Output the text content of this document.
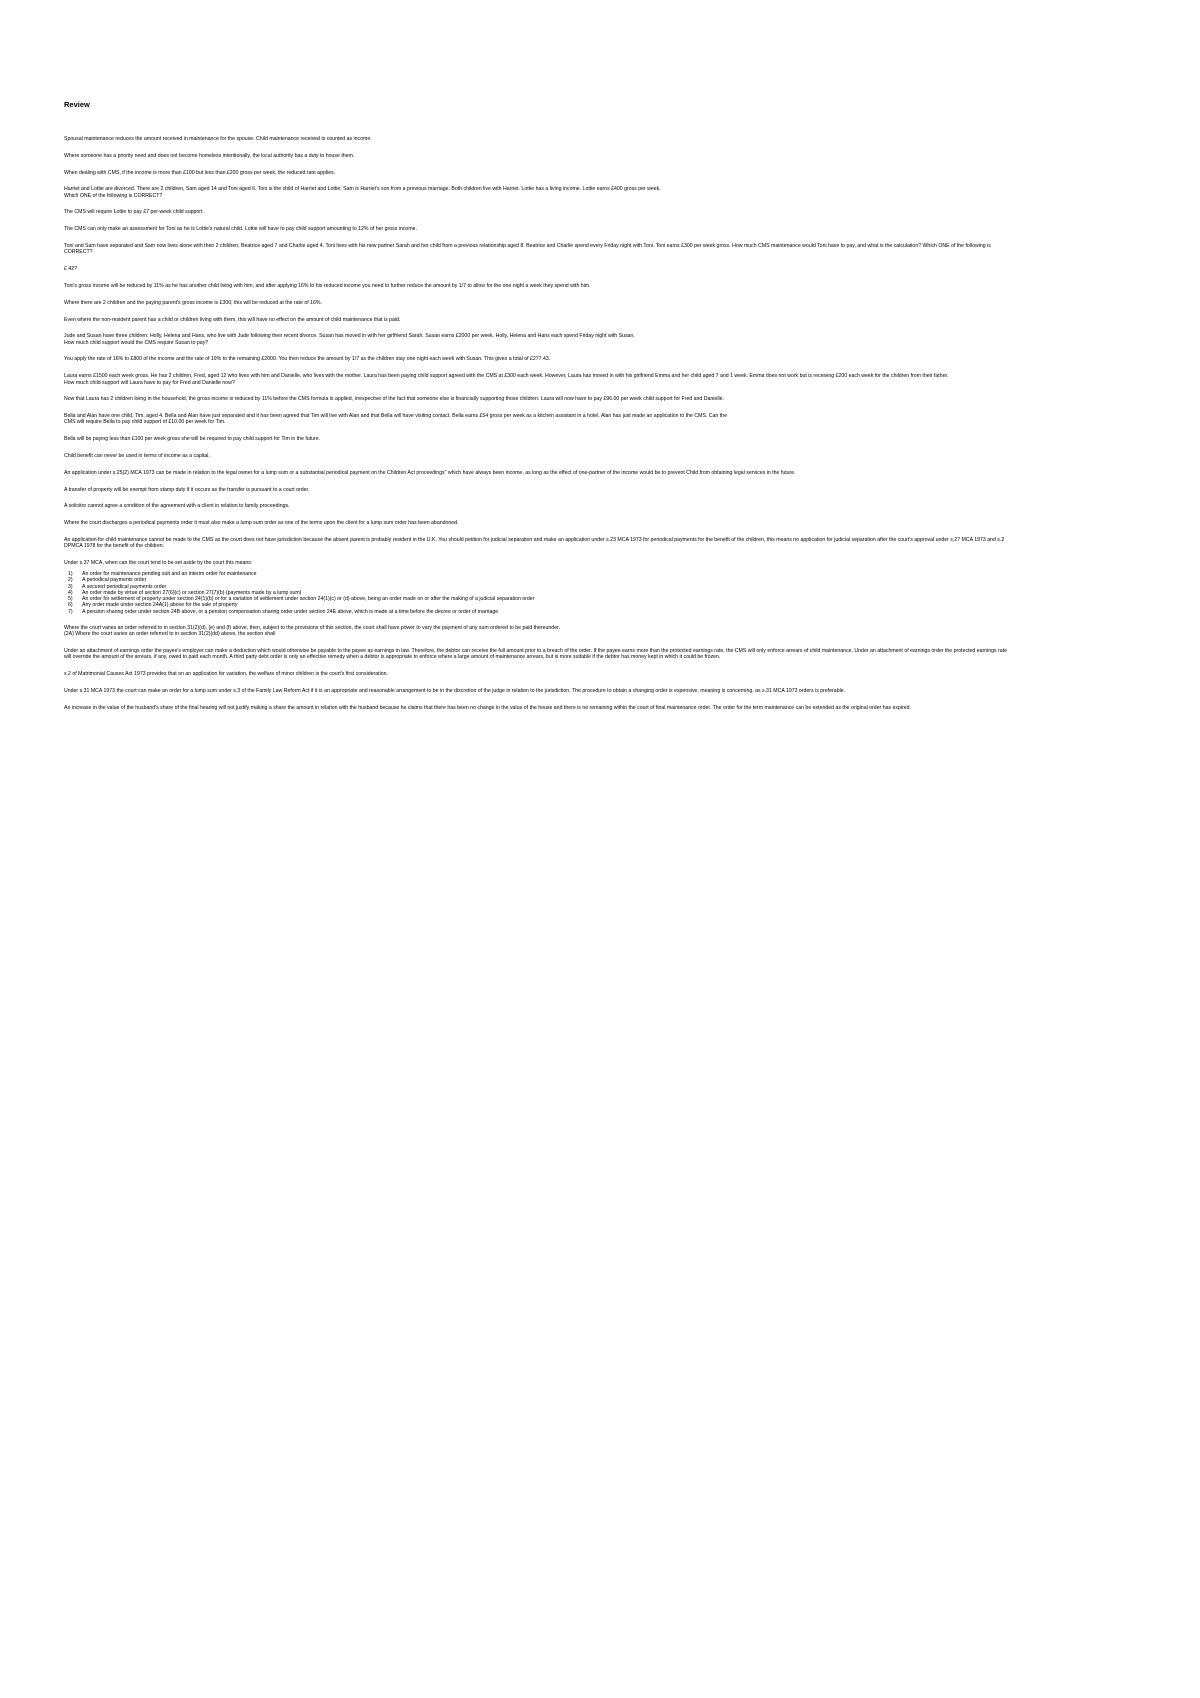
Review

Spousal maintenance reduces the amount received in maintenance for the spouse. Child maintenance received is counted as income.

Where someone has a priority need and does not become homeless intentionally, the local authority has a duty to house them.

When dealing with CMS, if the income is more than £100 but less than £200 gross per week, the reduced rate applies.

Harriet and Lottie are divorced. There are 2 children, Sam aged 14 and Toni aged 6. Toni is the child of Harriet and Lottie; Sam is Harriet's son from a previous marriage. Both children live with Harriet. Lottie has a living income. Lottie earns £400 gross per week.
Which ONE of the following is CORRECT?

The CMS will require Lottie to pay £7 per week child support.

The CMS can only make an assessment for Toni as he is Lottie's natural child. Lottie will have to pay child support amounting to 12% of her gross income.

Toni and Sam have separated and Sam now lives alone with their 2 children, Beatrice aged 7 and Charlie aged 4. Toni lives with his new partner Sarah and her child from a previous relationship aged 8. Beatrice and Charlie spend every Friday night with Toni. Toni earns £300 per week gross. How much CMS maintenance would Toni have to pay, and what is the calculation? Which ONE of the following is CORRECT?

£ 42?

Toni's gross income will be reduced by 11% as he has another child living with him, and after applying 16% to his reduced income you need to further reduce the amount by 1/7 to allow for the one night a week they spend with him.

Where there are 2 children and the paying parent's gross income is £300, this will be reduced at the rate of 16%.

Even where the non-resident parent has a child or children living with them, this will have no effect on the amount of child maintenance that is paid.

Jude and Susan have three children: Holly, Helena and Hans, who live with Jude following their recent divorce. Susan has moved in with her girlfriend Sarah. Susan earns £2000 per week. Holly, Helena and Hans each spend Friday night with Susan.
How much child support would the CMS require Susan to pay?

You apply the rate of 16% to £800 of the income and the rate of 19% to the remaining £2000. You then reduce the amount by 1/7 as the children stay one night each week with Susan. This gives a total of £277.43.

Laura earns £1500 each week gross. He has 2 children, Fred, aged 12 who lives with him and Danielle, who lives with the mother. Laura has been paying child support agreed with the CMS at £300 each week. However, Laura has moved in with his girlfriend Emma and her child aged 7 and 1 week. Emma does not work but is receiving £200 each week for the children from their father.
How much child support will Laura have to pay for Fred and Danielle now?

Now that Laura has 2 children living in the household, the gross income is reduced by 11% before the CMS formula is applied, irrespective of the fact that someone else is financially supporting those children. Laura will now have to pay £96.00 per week child support for Fred and Danielle.

Bella and Alan have one child, Tim, aged 4. Bella and Alan have just separated and it has been agreed that Tim will live with Alan and that Bella will have visiting contact. Bella earns £54 gross per week as a kitchen assistant in a hotel. Alan has just made an application to the CMS. Can the
CMS will require Bella to pay child support of £10.00 per week for Tim.

Bella will be paying less than £100 per week gross she will be required to pay child support for Tim in the future.

Child benefit can never be used in terms of income as a capital.

An application under s.25(2) MCA 1973 can be made in relation to the legal owner for a lump sum or a substantial periodical payment on the Children Act proceedings" which have always been income, as long as the effect of one-partner of the income would be to prevent Child from obtaining legal services in the future.

A transfer of property will be exempt from stamp duty if it occurs as the transfer is pursuant to a court order.

A solicitor cannot agree a condition of the agreement with a client in relation to family proceedings.

Where the court discharges a periodical payments order it must also make a lump sum order as one of the terms upon the client for a lump sum order has been abandoned.

An application for child maintenance cannot be made to the CMS as the court does not have jurisdiction because the absent parent is probably resident in the U.K. You should petition for judicial separation and make an application under s.23 MCA 1973 for periodical payments for the benefit of the children, this means no application for judicial separation after the court's approval under s.27 MCA 1973 and s.2 DPMCA 1978 for the benefit of the children.

Under s.37 MCA, when can the court tend to be set aside by the court this means:

1)	An order for maintenance pending suit and an interim order for maintenance
2)	A periodical payments order
3)	A secured periodical payments order
4)	An order made by virtue of section 27(6)(c) or section 27(7)(b) (payments made by a lump sum)
5)	An order for settlement of property under section 24(1)(b) or for a variation of settlement under section 24(1)(c) or (d) above, being an order made on or after the making of a judicial separation order
6)	Any order made under section 24A(1) above for the sale of property
7)	A pension sharing order under section 24B above, or a pension compensation sharing order under section 24E above, which is made at a time before the decree or order of marriage

Where the court varies an order referred to in section 31(2)(d), (e) and (f) above, then, subject to the provisions of this section, the court shall have power to vary the payment of any sum ordered to be paid thereunder.
(2A) Where the court varies an order referred to in section 31(2)(dd) above, the section shall

Under an attachment of earnings order the payee's employer can make a deduction which would otherwise be payable to the payee as earnings in law. Therefore, the debtor can receive the full amount prior to a breach of the order. If the payee earns more than the protected earnings rate, the CMS will only enforce arrears of child maintenance. Under an attachment of earnings order the protected earnings rate will override the amount of the arrears, if any, owed to paid each month. A third party debt order is only an effective remedy when a debtor is appropriate to enforce where a large amount of maintenance arrears, but is more suitable if the debtor has money kept in which it could be frozen.

s.2 of Matrimonial Causes Act 1973 provides that on an application for variation, the welfare of minor children is the court's first consideration.

Under s.31 MCA 1973 the court can make an order for a lump sum under s.3 of the Family Law Reform Act if it is an appropriate and reasonable arrangement to be in the discretion of the judge in relation to the jurisdiction. The procedure to obtain a changing order is expensive, meaning is concerning, as s.31 MCA 1973 orders is preferable.

An increase in the value of the husband's share of the final hearing will not justify making a share the amount in relation with the husband because he claims that there has been no change in the value of the house and there is no remaining within the court of final maintenance order. The order for the term maintenance can be extended as the original order has expired.
